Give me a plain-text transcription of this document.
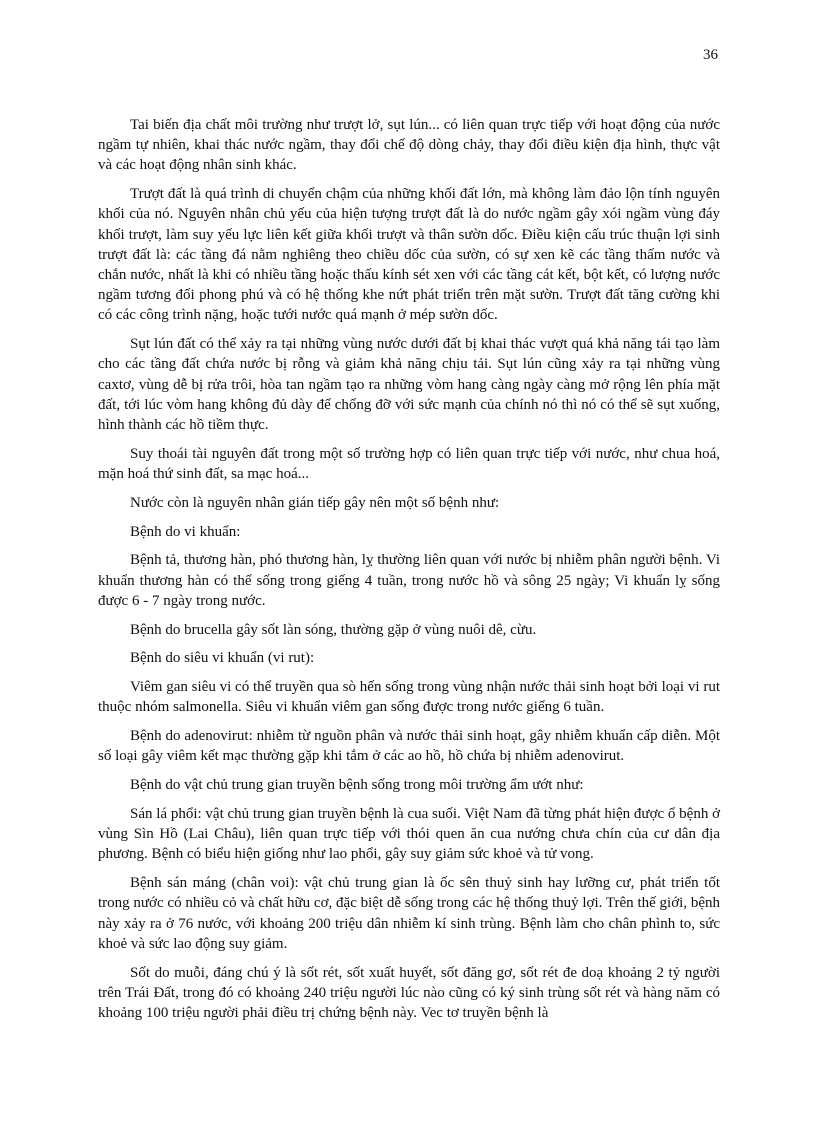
36

Tai biến địa chất môi trường như trượt lở, sụt lún... có liên quan trực tiếp với hoạt động của nước ngầm tự nhiên, khai thác nước ngầm, thay đổi chế độ dòng chảy, thay đổi điều kiện địa hình, thực vật và các hoạt động nhân sinh khác.

Trượt đất là quá trình di chuyển chậm của những khối đất lớn, mà không làm đảo lộn tính nguyên khối của nó. Nguyên nhân chủ yếu của hiện tượng trượt đất là do nước ngầm gây xói ngầm vùng đáy khối trượt, làm suy yếu lực liên kết giữa khối trượt và thân sườn dốc. Điều kiện cấu trúc thuận lợi sinh trượt đất là: các tầng đá nằm nghiêng theo chiều dốc của sườn, có sự xen kẽ các tầng thấm nước và chắn nước, nhất là khi có nhiều tầng hoặc thấu kính sét xen với các tầng cát kết, bột kết, có lượng nước ngầm tương đối phong phú và có hệ thống khe nứt phát triển trên mặt sườn. Trượt đất tăng cường khi có các công trình nặng, hoặc tưới nước quá mạnh ở mép sườn dốc.

Sụt lún đất có thể xảy ra tại những vùng nước dưới đất bị khai thác vượt quá khả năng tái tạo làm cho các tầng đất chứa nước bị rỗng và giảm khả năng chịu tải. Sụt lún cũng xảy ra tại những vùng caxtơ, vùng dễ bị rửa trôi, hòa tan ngầm tạo ra những vòm hang càng ngày càng mở rộng lên phía mặt đất, tới lúc vòm hang không đủ dày để chống đỡ với sức mạnh của chính nó thì nó có thể sẽ sụt xuống, hình thành các hồ tiềm thực.

Suy thoái tài nguyên đất trong một số trường hợp có liên quan trực tiếp với nước, như chua hoá, mặn hoá thứ sinh đất, sa mạc hoá...

Nước còn là nguyên nhân gián tiếp gây nên một số bệnh như:

Bệnh do vi khuẩn:

Bệnh tả, thương hàn, phó thương hàn, lỵ thường liên quan với nước bị nhiễm phân người bệnh. Vi khuẩn thương hàn có thể sống trong giếng 4 tuần, trong nước hồ và sông 25 ngày; Vi khuẩn lỵ sống được 6 - 7 ngày trong nước.

Bệnh do brucella gây sốt làn sóng, thường gặp ở vùng nuôi dê, cừu.

Bệnh do siêu vi khuẩn (vi rut):

Viêm gan siêu vi có thể truyền qua sò hến sống trong vùng nhận nước thải sinh hoạt bởi loại vi rut thuộc nhóm salmonella. Siêu vi khuẩn viêm gan sống được trong nước giếng 6 tuần.

Bệnh do adenovirut: nhiễm từ nguồn phân và nước thải sinh hoạt, gây nhiễm khuẩn cấp diễn. Một số loại gây viêm kết mạc thường gặp khi tắm ở các ao hồ, hồ chứa bị nhiễm adenovirut.

Bệnh do vật chủ trung gian truyền bệnh sống trong môi trường ẩm ướt như:

Sán lá phổi: vật chủ trung gian truyền bệnh là cua suối. Việt Nam đã từng phát hiện được ổ bệnh ở vùng Sìn Hồ (Lai Châu), liên quan trực tiếp với thói quen ăn cua nướng chưa chín của cư dân địa phương. Bệnh có biểu hiện giống như lao phổi, gây suy giảm sức khoẻ và tử vong.

Bệnh sán máng (chân voi): vật chủ trung gian là ốc sên thuỷ sinh hay lưỡng cư, phát triển tốt trong nước có nhiều cỏ và chất hữu cơ, đặc biệt dễ sống trong các hệ thống thuỷ lợi. Trên thế giới, bệnh này xảy ra ở 76 nước, với khoảng 200 triệu dân nhiễm kí sinh trùng. Bệnh làm cho chân phình to, sức khoẻ và sức lao động suy giảm.

Sốt do muỗi, đáng chú ý là sốt rét, sốt xuất huyết, sốt đăng gơ, sốt rét đe doạ khoảng 2 tỷ người trên Trái Đất, trong đó có khoảng 240 triệu người lúc nào cũng có ký sinh trùng sốt rét và hàng năm có khoảng 100 triệu người phải điều trị chứng bệnh này. Vec tơ truyền bệnh là
